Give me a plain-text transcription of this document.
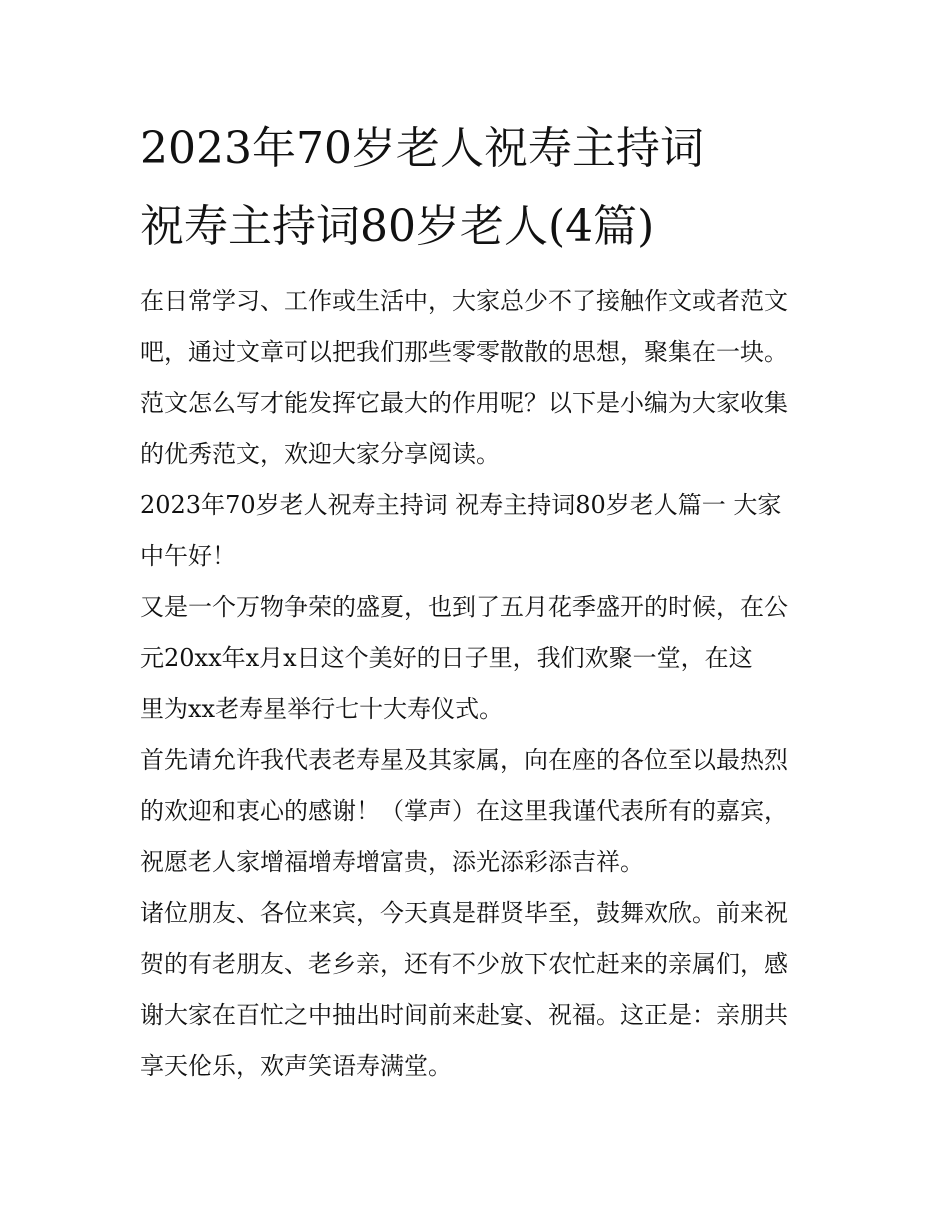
2023年70岁老人祝寿主持词
祝寿主持词80岁老人(4篇)
在日常学习、工作或生活中，大家总少不了接触作文或者范文
吧，通过文章可以把我们那些零零散散的思想，聚集在一块。
范文怎么写才能发挥它最大的作用呢？以下是小编为大家收集
的优秀范文，欢迎大家分享阅读。
2023年70岁老人祝寿主持词 祝寿主持词80岁老人篇一 大家
中午好！
又是一个万物争荣的盛夏，也到了五月花季盛开的时候，在公
元20xx年x月x日这个美好的日子里，我们欢聚一堂，在这
里为xx老寿星举行七十大寿仪式。
首先请允许我代表老寿星及其家属，向在座的各位至以最热烈
的欢迎和衷心的感谢！（掌声）在这里我谨代表所有的嘉宾，
祝愿老人家增福增寿增富贵，添光添彩添吉祥。
诸位朋友、各位来宾，今天真是群贤毕至，鼓舞欢欣。前来祝
贺的有老朋友、老乡亲，还有不少放下农忙赶来的亲属们，感
谢大家在百忙之中抽出时间前来赴宴、祝福。这正是：亲朋共
享天伦乐，欢声笑语寿满堂。
